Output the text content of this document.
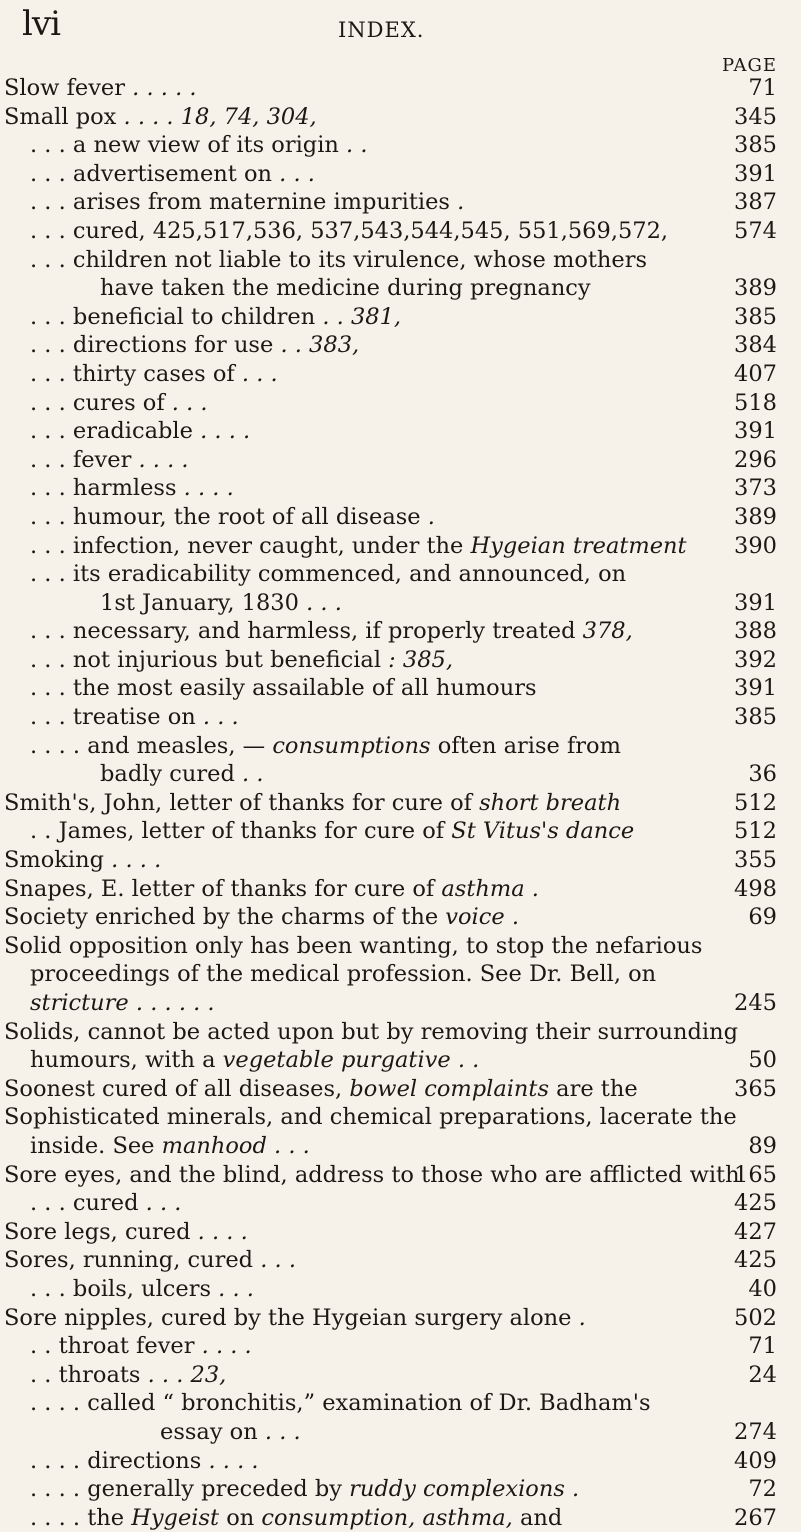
lvi	INDEX.
PAGE
Slow fever . . . . .	71
Small pox . . . . 18, 74, 304,	345
. . . a new view of its origin . .	385
. . . advertisement on . . .	391
. . . arises from maternine impurities .	387
. . . cured, 425,517,536, 537,543,544,545, 551,569,572,	574
. . . children not liable to its virulence, whose mothers
have taken the medicine during pregnancy	389
. . . beneficial to children . . 381,	385
. . . directions for use . . 383,	384
. . . thirty cases of . . .	407
. . . cures of . . .	518
. . . eradicable . . . .	391
. . . fever . . . .	296
. . . harmless . . . .	373
. . . humour, the root of all disease .	389
. . . infection, never caught, under the Hygeian treatment 390
. . . its eradicability commenced, and announced, on
1st January, 1830 . . .	391
. . . necessary, and harmless, if properly treated 378,	388
. . . not injurious but beneficial : 385,	392
. . . the most easily assailable of all humours	391
. . . treatise on . . .	385
. . . . and measles, — consumptions often arise from
badly cured . .	36
Smith's, John, letter of thanks for cure of short breath	512
. . James, letter of thanks for cure of St Vitus's dance	512
Smoking . . . .	355
Snapes, E. letter of thanks for cure of asthma .	498
Society enriched by the charms of the voice .	69
Solid opposition only has been wanting, to stop the nefarious
proceedings of the medical profession. See Dr. Bell, on
stricture . . . . . .	245
Solids, cannot be acted upon but by removing their surrounding
humours, with a vegetable purgative . .	50
Soonest cured of all diseases, bowel complaints are the	365
Sophisticated minerals, and chemical preparations, lacerate the
inside. See manhood . . .	89
Sore eyes, and the blind, address to those who are afflicted with
165
. . . cured . . .	425
Sore legs, cured . . . .	427
Sores, running, cured . . .	425
. . . boils, ulcers . . .	40
Sore nipples, cured by the Hygeian surgery alone .	502
. . throat fever . . . .	71
. . throats . . . 23,	24
. . . . called “ bronchitis,” examination of Dr. Badham's
essay on . . .	274
. . . . directions . . . .	409
. . . . generally preceded by ruddy complexions .	72
. . . . the Hygeist on consumption, asthma, and	267
